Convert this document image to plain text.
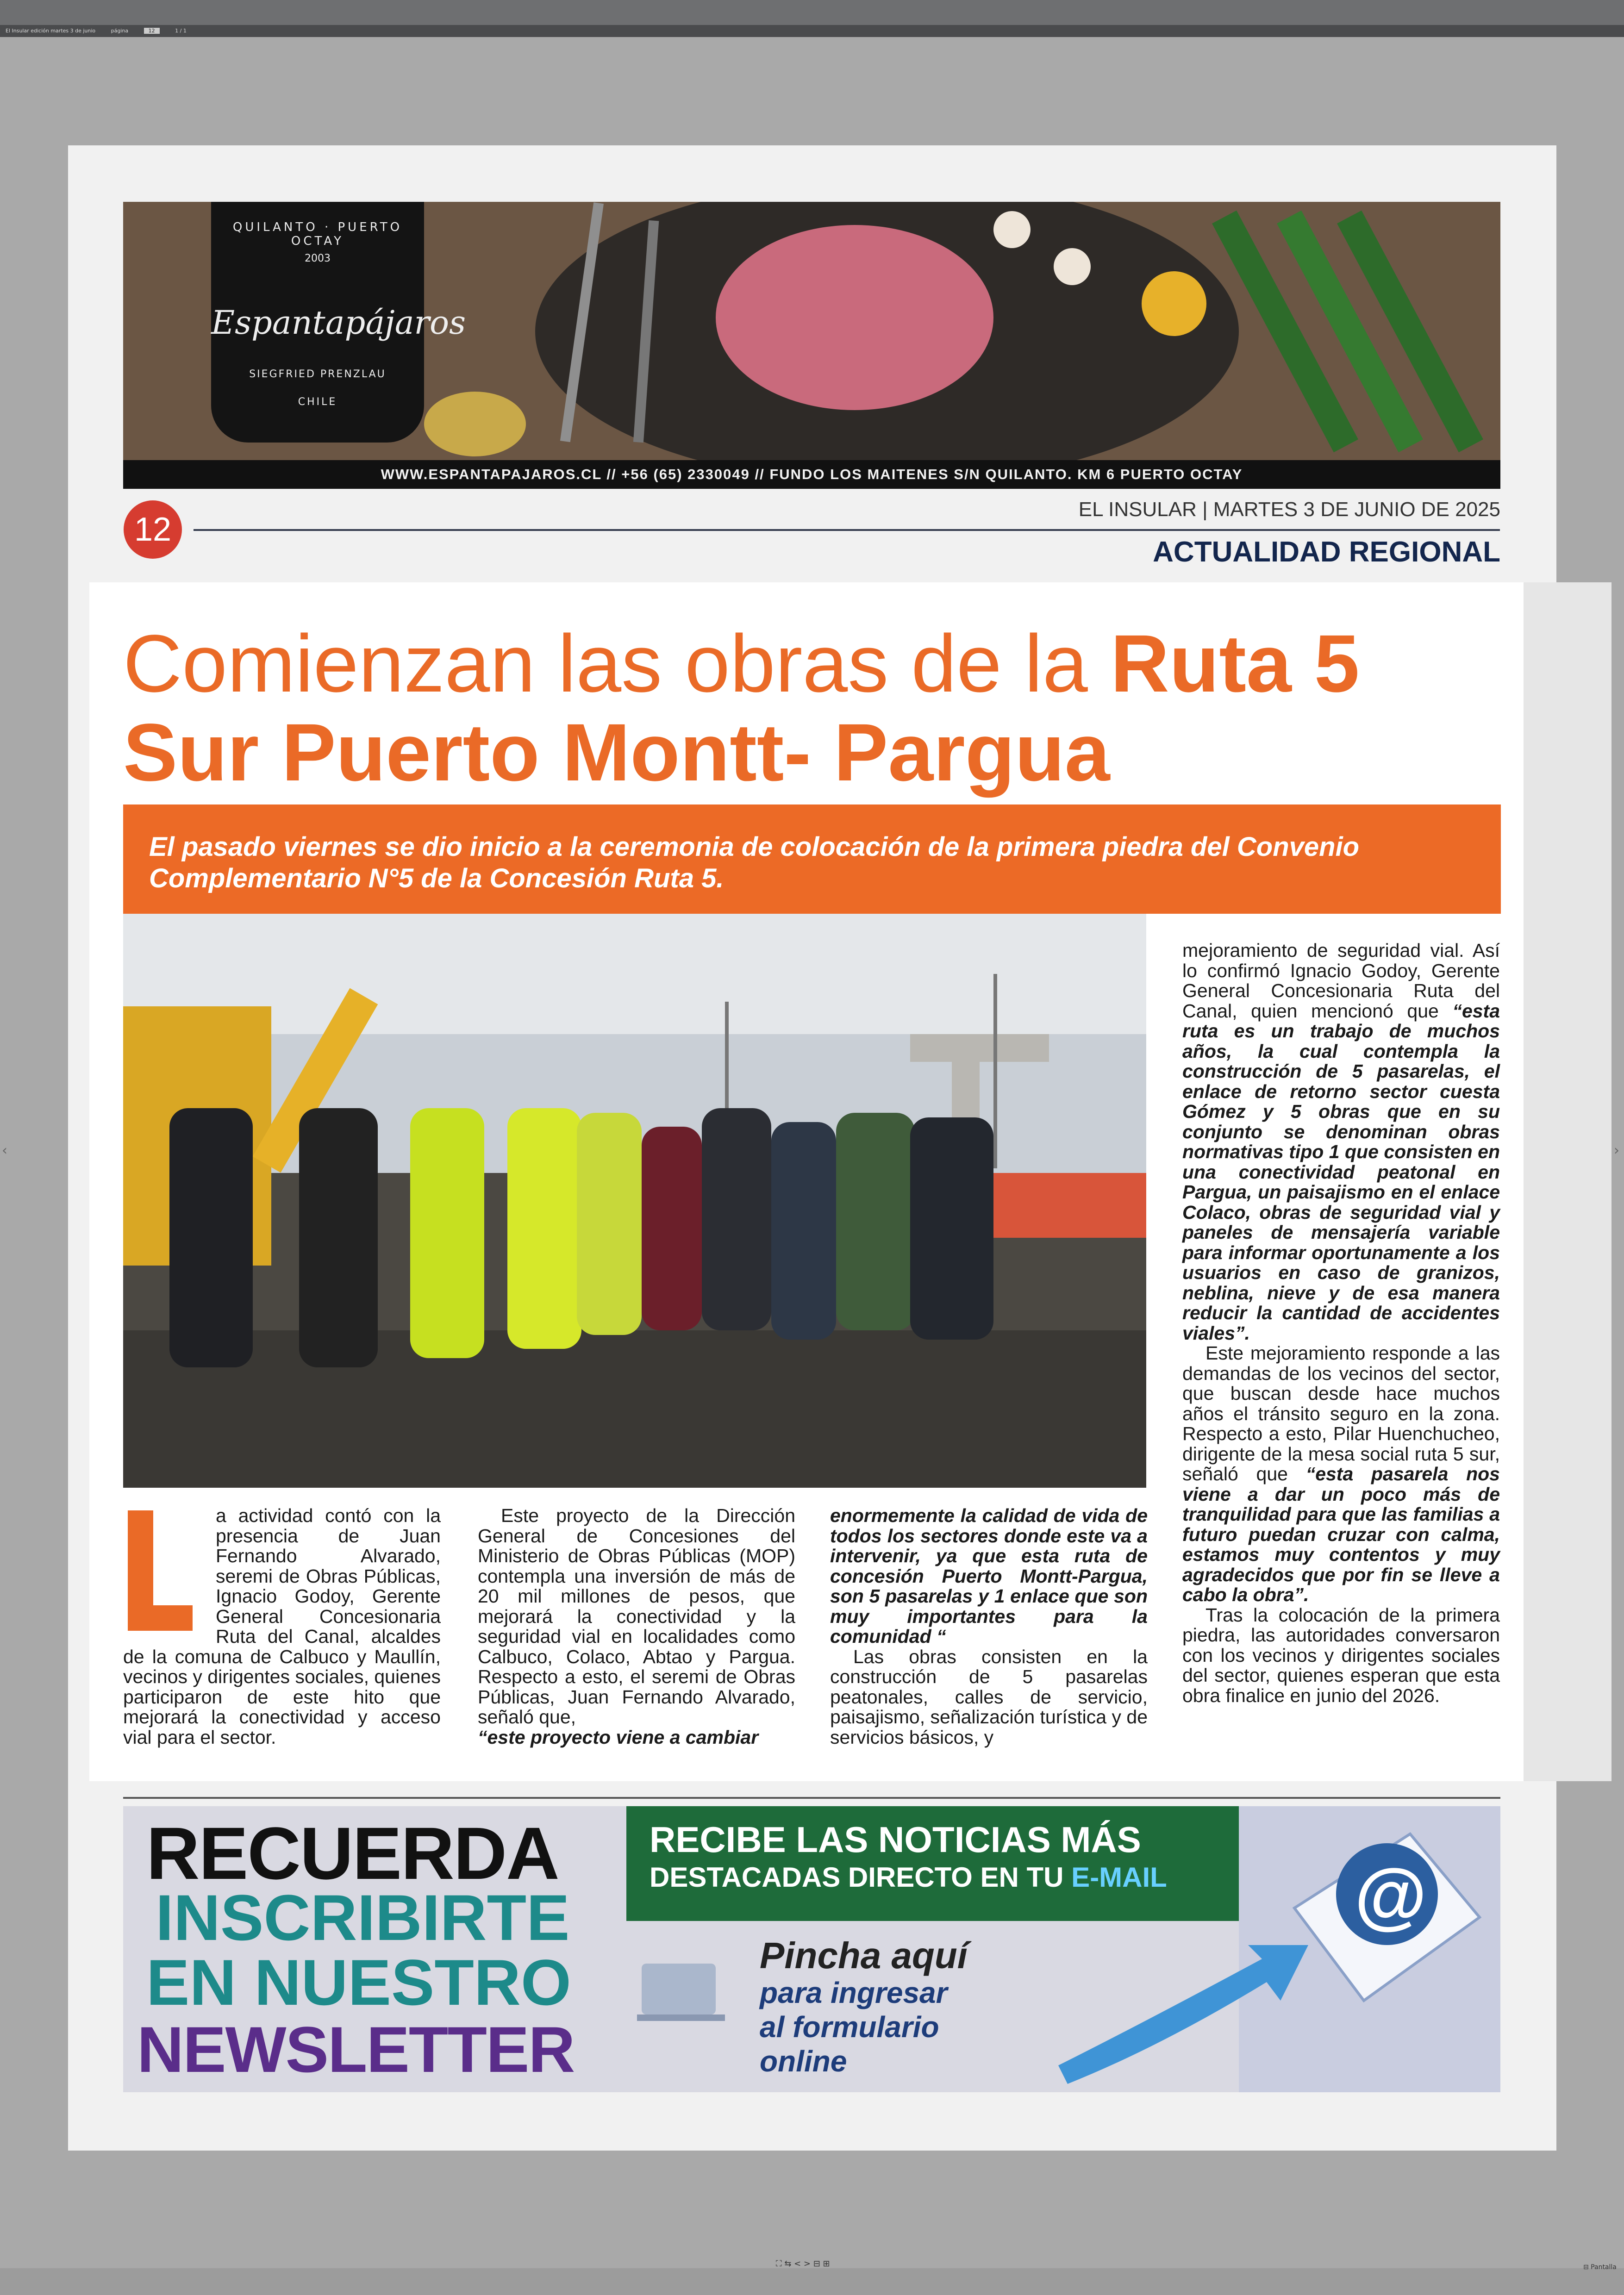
El Insular edición martes 3 de junio	página	12	1 / 1
‹	›
QUILANTO · PUERTO OCTAY
2003
Espantapájaros
SIEGFRIED PRENZLAU
CHILE
WWW.ESPANTAPAJAROS.CL // +56 (65) 2330049 // FUNDO LOS MAITENES S/N QUILANTO. KM 6 PUERTO OCTAY
12
EL INSULAR | MARTES 3 DE JUNIO DE 2025
ACTUALIDAD REGIONAL
Comienzan las obras de la Ruta 5
Sur Puerto Montt- Pargua
El pasado viernes se dio inicio a la ceremonia de colocación de la primera piedra del Convenio Complementario N°5 de la Concesión Ruta 5.

a actividad contó con la presencia de Juan Fernando Alvarado, seremi de Obras Públicas, Ignacio Godoy, Gerente General Concesionaria Ruta del Canal, alcaldes de la comuna de Calbuco y Maullín, vecinos y dirigentes sociales, quienes participaron de este hito que mejorará la conectividad y acceso vial para el sector.

Este proyecto de la Dirección General de Concesiones del Ministerio de Obras Públicas (MOP) contempla una inversión de más de 20 mil millones de pesos, que mejorará la conectividad y la seguridad vial en localidades como Calbuco, Colaco, Abtao y Pargua. Respecto a esto, el seremi de Obras Públicas, Juan Fernando Alvarado, señaló que,

“este proyecto viene a cambiar

enormemente la calidad de vida de todos los sectores donde este va a intervenir, ya que esta ruta de concesión Puerto Montt-Pargua, son 5 pasarelas y 1 enlace que son muy importantes para la comunidad “

Las obras consisten en la construcción de 5 pasarelas peatonales, calles de servicio, paisajismo, señalización turística y de servicios básicos, y

mejoramiento de seguridad vial. Así lo confirmó Ignacio Godoy, Gerente General Concesionaria Ruta del Canal, quien mencionó que “esta ruta es un trabajo de muchos años, la cual contempla la construcción de 5 pasarelas, el enlace de retorno sector cuesta Gómez y 5 obras que en su conjunto se denominan obras normativas tipo 1 que consisten en una conectividad peatonal en Pargua, un paisajismo en el enlace Colaco, obras de seguridad vial y paneles de mensajería variable para informar oportunamente a los usuarios en caso de granizos, neblina, nieve y de esa manera reducir la cantidad de accidentes viales”.

Este mejoramiento responde a las demandas de los vecinos del sector, que buscan desde hace muchos años el tránsito seguro en la zona. Respecto a esto, Pilar Huenchucheo, dirigente de la mesa social ruta 5 sur, señaló que “esta pasarela nos viene a dar un poco más de tranquilidad para que las familias a futuro puedan cruzar con calma, estamos muy contentos y muy agradecidos que por fin se lleve a cabo la obra”.

Tras la colocación de la primera piedra, las autoridades conversaron con los vecinos y dirigentes sociales del sector, quienes esperan que esta obra finalice en junio del 2026.

RECUERDA
INSCRIBIRTE
EN NUESTRO
NEWSLETTER
RECIBE LAS NOTICIAS MÁS
DESTACADAS DIRECTO EN TU E-MAIL
Pincha aquí
para ingresar
al formulario
online
@
⛶ ⇆ < > ⊟ ⊞	⊟ Pantalla
